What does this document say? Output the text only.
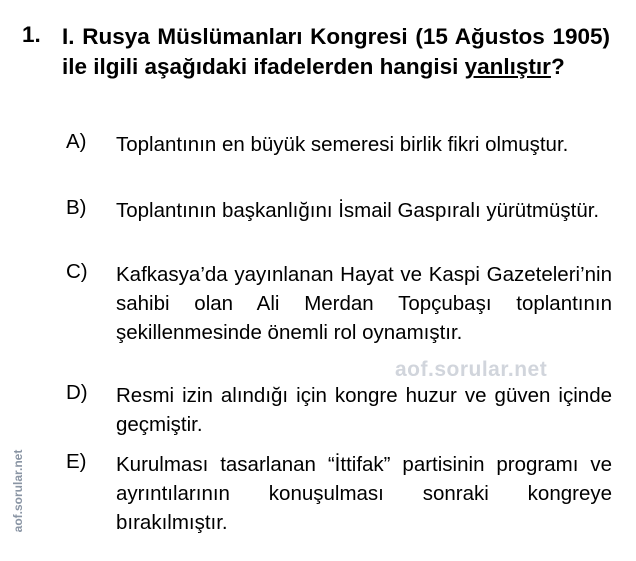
1. I. Rusya Müslümanları Kongresi (15 Ağustos 1905) ile ilgili aşağıdaki ifadelerden hangisi yanlıştır?
A) Toplantının en büyük semeresi birlik fikri olmuştur.
B) Toplantının başkanlığını İsmail Gaspıralı yürütmüştür.
C) Kafkasya’da yayınlanan Hayat ve Kaspi Gazeteleri’nin sahibi olan Ali Merdan Topçubaşı toplantının şekillenmesinde önemli rol oynamıştır.
D) Resmi izin alındığı için kongre huzur ve güven içinde geçmiştir.
E) Kurulması tasarlanan “İttifak” partisinin programı ve ayrıntılarının konuşulması sonraki kongreye bırakılmıştır.
aof.sorular.net
aof.sorular.net
